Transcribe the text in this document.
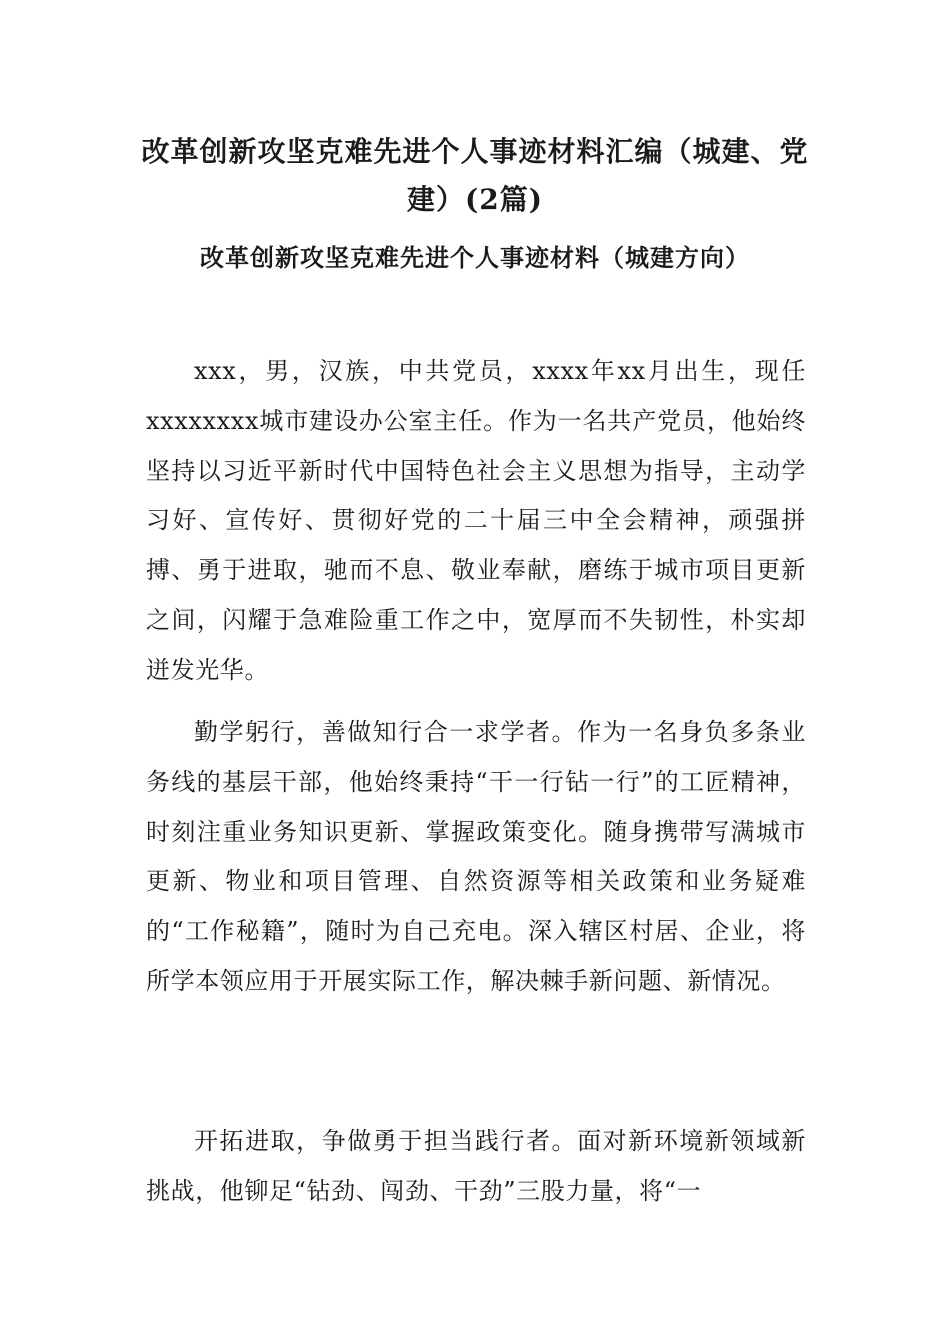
改革创新攻坚克难先进个人事迹材料汇编（城建、党建）(2篇)
改革创新攻坚克难先进个人事迹材料（城建方向）

xxx，男，汉族，中共党员，xxxx年xx月出生，现任xxxxxxxx城市建设办公室主任。作为一名共产党员，他始终坚持以习近平新时代中国特色社会主义思想为指导，主动学习好、宣传好、贯彻好党的二十届三中全会精神，顽强拼搏、勇于进取，驰而不息、敬业奉献，磨练于城市项目更新之间，闪耀于急难险重工作之中，宽厚而不失韧性，朴实却迸发光华。

勤学躬行，善做知行合一求学者。作为一名身负多条业务线的基层干部，他始终秉持“干一行钻一行”的工匠精神，时刻注重业务知识更新、掌握政策变化。随身携带写满城市更新、物业和项目管理、自然资源等相关政策和业务疑难的“工作秘籍”，随时为自己充电。深入辖区村居、企业，将所学本领应用于开展实际工作，解决棘手新问题、新情况。

开拓进取，争做勇于担当践行者。面对新环境新领域新挑战，他铆足“钻劲、闯劲、干劲”三股力量，将“一
